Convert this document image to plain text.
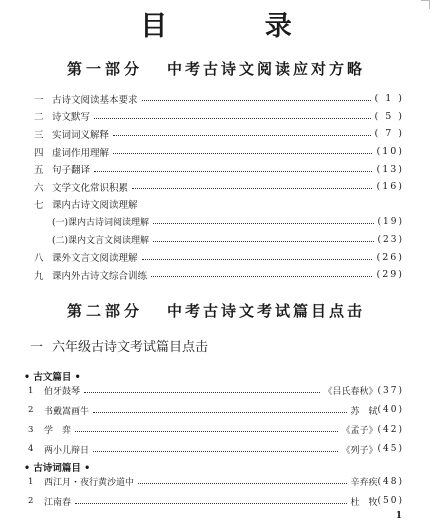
目 录
第一部分 中考古诗文阅读应对方略
一 古诗文阅读基本要求	( 1 )
二 诗文默写	( 5 )
三 实词词义解释	( 7 )
四 虚词作用理解	(10)
五 句子翻译	(13)
六 文学文化常识积累	(16)
七 课内古诗文阅读理解
(一)课内古诗词阅读理解	(19)
(二)课内文言文阅读理解	(23)
八 课外文言文阅读理解	(26)
九 课内外古诗文综合训练	(29)
第二部分 中考古诗文考试篇目点击
一 六年级古诗文考试篇目点击
• 古文篇目 •
1	伯牙鼓琴	《吕氏春秋》 (37)
2	书戴嵩画牛	苏　轼 (40)
3	学　弈	《孟子》 (42)
4	两小儿辩日	《列子》 (45)
• 古诗词篇目 •
1	西江月・夜行黄沙道中	辛弃疾 (48)
2	江南春	杜　牧 (50)
1
